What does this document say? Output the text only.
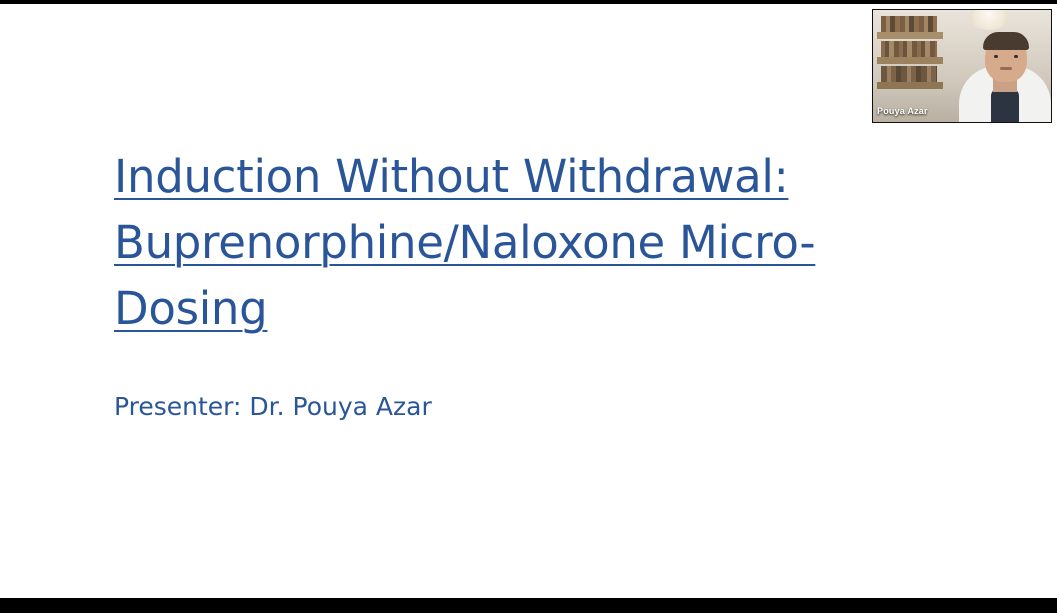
Induction Without Withdrawal: Buprenorphine/Naloxone Micro-Dosing

Presenter: Dr. Pouya Azar

Pouya Azar
